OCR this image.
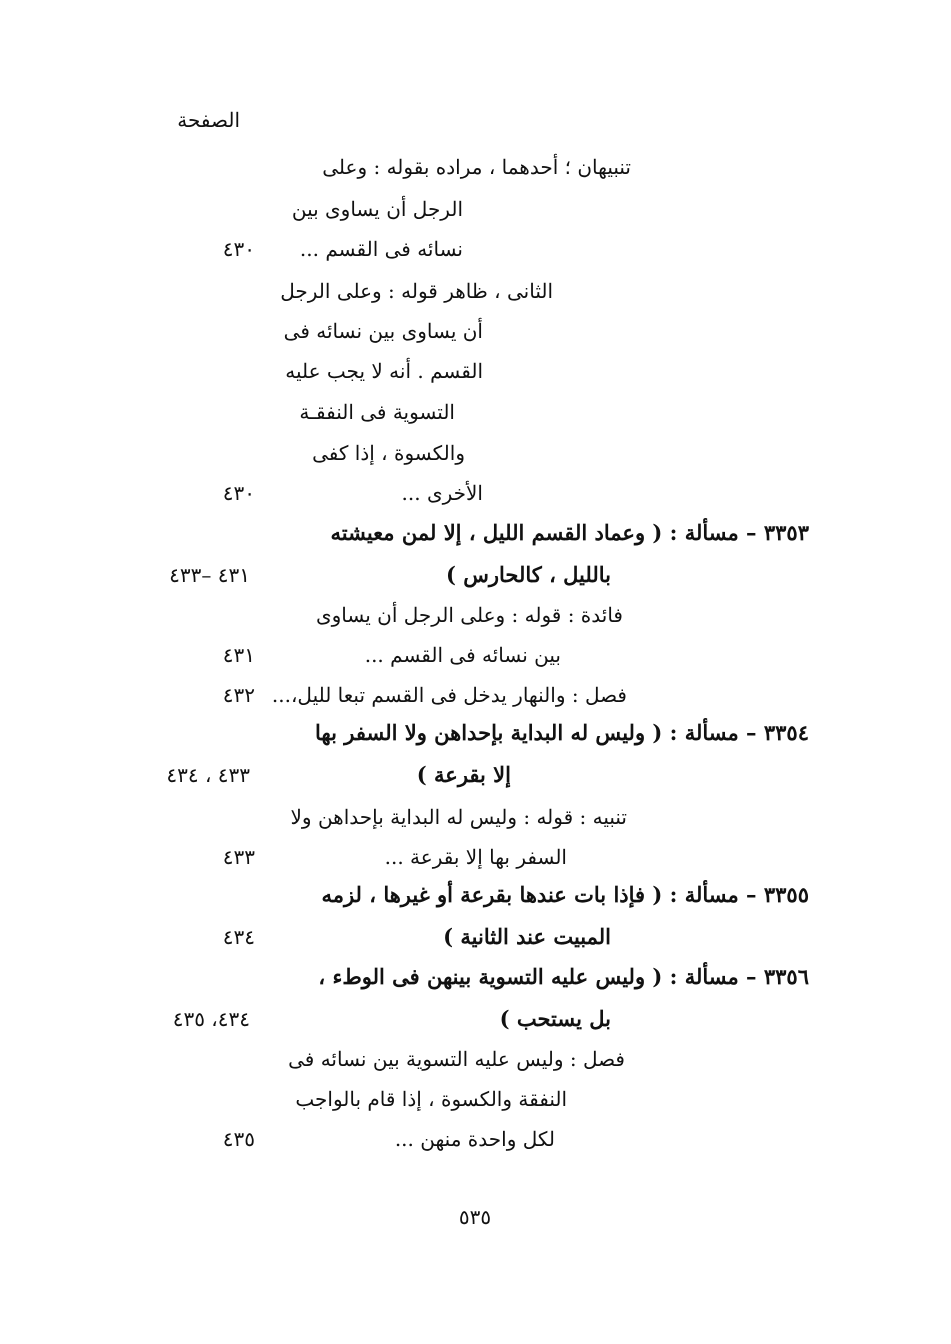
الصفحة
تنبيهان ؛ أحدهما ، مراده بقوله : وعلى
الرجل أن يساوى بين
نسائه فى القسم ...
٤٣٠
الثانى ، ظاهر قوله : وعلى الرجل
أن يساوى بين نسائه فى
القسم . أنه لا يجب عليه
التسوية فى النفقـة
والكسوة ، إذا كفى
الأخرى ...
٤٣٠
٣٣٥٣ – مسألة : ( وعماد القسم الليل ، إلا لمن معيشته
بالليل ، كالحارس )
٤٣١ –٤٣٣
فائدة : قوله : وعلى الرجل أن يساوى
بين نسائه فى القسم ...
٤٣١
فصل : والنهار يدخل فى القسم تبعا لليل،...
٤٣٢
٣٣٥٤ – مسألة : ( وليس له البداية بإحداهن ولا السفر بها
إلا بقرعة )
٤٣٣ ، ٤٣٤
تنبيه : قوله : وليس له البداية بإحداهن ولا
السفر بها إلا بقرعة ...
٤٣٣
٣٣٥٥ – مسألة : ( فإذا بات عندها بقرعة أو غيرها ، لزمه
المبيت عند الثانية )
٤٣٤
٣٣٥٦ – مسألة : ( وليس عليه التسوية بينهن فى الوطء ،
بل يستحب )
٤٣٤، ٤٣٥
فصل : وليس عليه التسوية بين نسائه فى
النفقة والكسوة ، إذا قام بالواجب
لكل واحدة منهن ...
٤٣٥
٥٣٥
